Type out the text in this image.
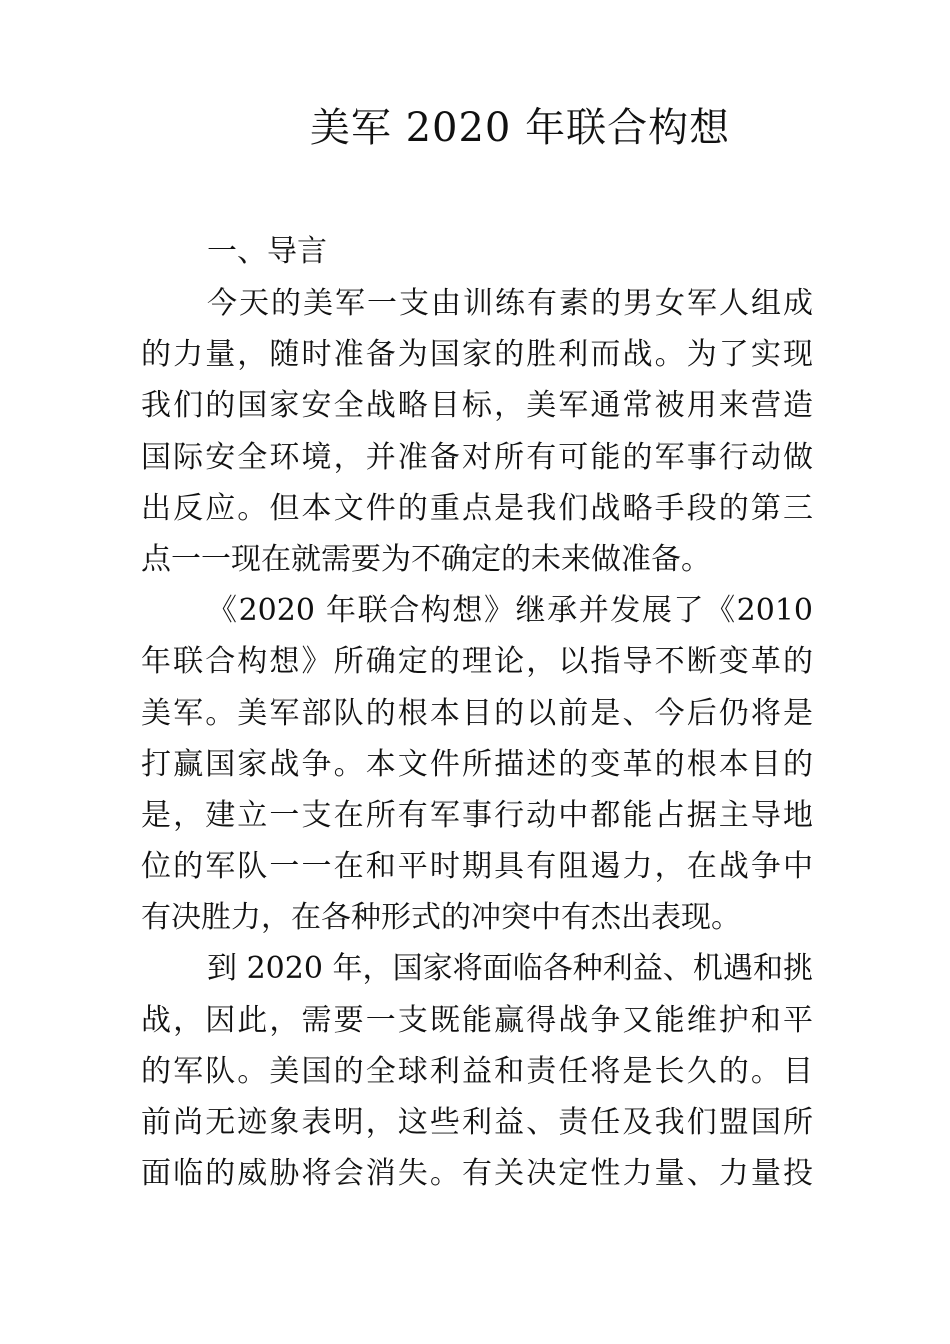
美军 2020 年联合构想
一、导言
今天的美军一支由训练有素的男女军人组成
的力量，随时准备为国家的胜利而战。为了实现
我们的国家安全战略目标，美军通常被用来营造
国际安全环境，并准备对所有可能的军事行动做
出反应。但本文件的重点是我们战略手段的第三
点一一现在就需要为不确定的未来做准备。
《2020 年联合构想》继承并发展了《2010
年联合构想》所确定的理论，以指导不断变革的
美军。美军部队的根本目的以前是、今后仍将是
打赢国家战争。本文件所描述的变革的根本目的
是，建立一支在所有军事行动中都能占据主导地
位的军队一一在和平时期具有阻遏力，在战争中
有决胜力，在各种形式的冲突中有杰出表现。
到 2020 年，国家将面临各种利益、机遇和挑
战，因此，需要一支既能赢得战争又能维护和平
的军队。美国的全球利益和责任将是长久的。目
前尚无迹象表明，这些利益、责任及我们盟国所
面临的威胁将会消失。有关决定性力量、力量投
